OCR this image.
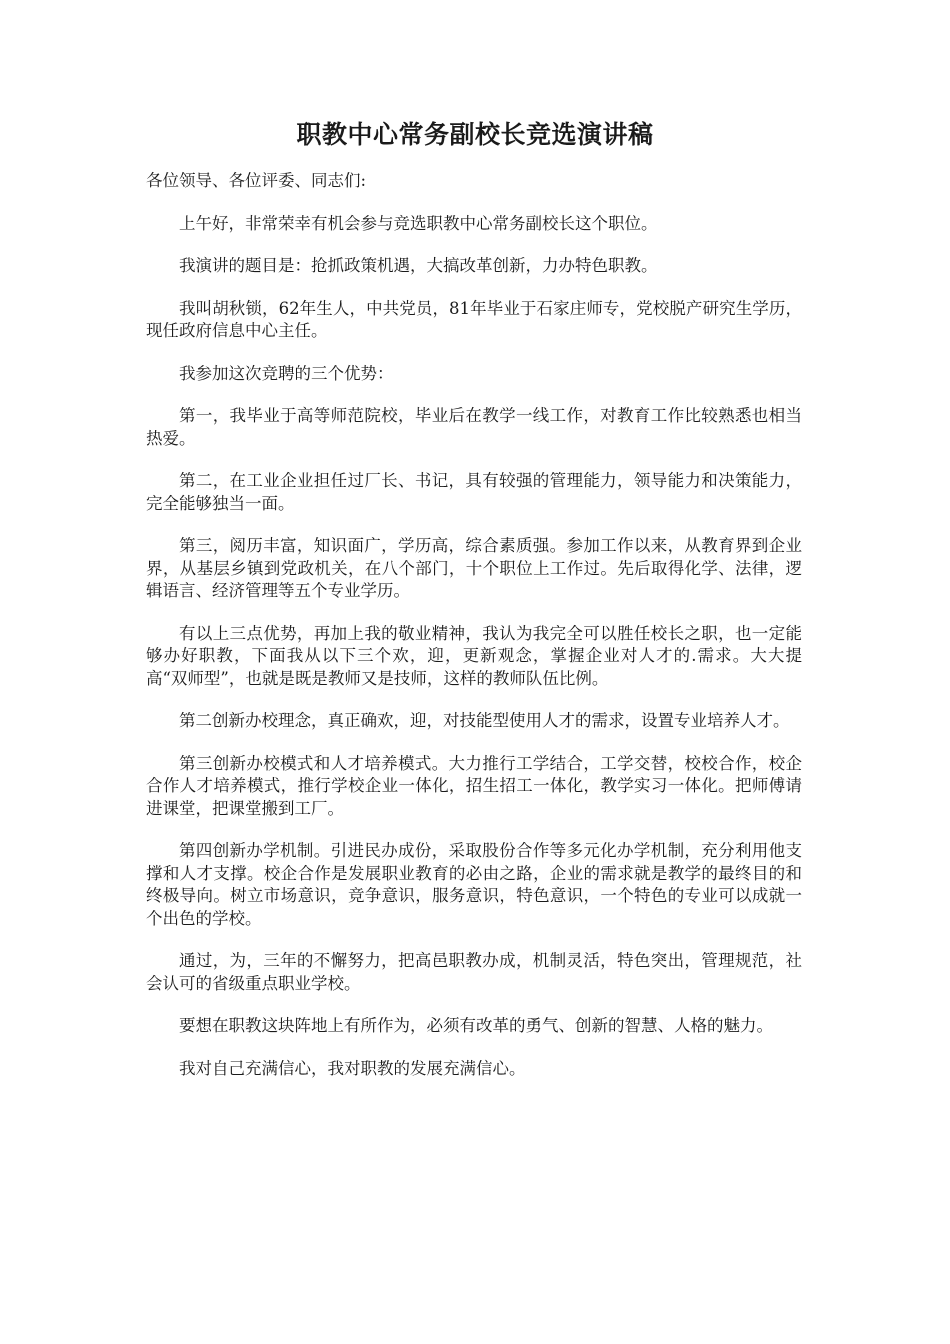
职教中心常务副校长竞选演讲稿

各位领导、各位评委、同志们:

上午好，非常荣幸有机会参与竞选职教中心常务副校长这个职位。

我演讲的题目是：抢抓政策机遇，大搞改革创新，力办特色职教。

我叫胡秋锁，62年生人，中共党员，81年毕业于石家庄师专，党校脱产研究生学历，现任政府信息中心主任。

我参加这次竞聘的三个优势：

第一，我毕业于高等师范院校，毕业后在教学一线工作，对教育工作比较熟悉也相当热爱。

第二，在工业企业担任过厂长、书记，具有较强的管理能力，领导能力和决策能力，完全能够独当一面。

第三，阅历丰富，知识面广，学历高，综合素质强。参加工作以来，从教育界到企业界，从基层乡镇到党政机关，在八个部门，十个职位上工作过。先后取得化学、法律，逻辑语言、经济管理等五个专业学历。

有以上三点优势，再加上我的敬业精神，我认为我完全可以胜任校长之职，也一定能够办好职教，下面我从以下三个欢，迎，更新观念，掌握企业对人才的.需求。大大提高“双师型”，也就是既是教师又是技师，这样的教师队伍比例。

第二创新办校理念，真正确欢，迎，对技能型使用人才的需求，设置专业培养人才。

第三创新办校模式和人才培养模式。大力推行工学结合，工学交替，校校合作，校企合作人才培养模式，推行学校企业一体化，招生招工一体化，教学实习一体化。把师傅请进课堂，把课堂搬到工厂。

第四创新办学机制。引进民办成份，采取股份合作等多元化办学机制，充分利用他支撑和人才支撑。校企合作是发展职业教育的必由之路，企业的需求就是教学的最终目的和终极导向。树立市场意识，竞争意识，服务意识，特色意识，一个特色的专业可以成就一个出色的学校。

通过，为，三年的不懈努力，把高邑职教办成，机制灵活，特色突出，管理规范，社会认可的省级重点职业学校。

要想在职教这块阵地上有所作为，必须有改革的勇气、创新的智慧、人格的魅力。

我对自己充满信心，我对职教的发展充满信心。
